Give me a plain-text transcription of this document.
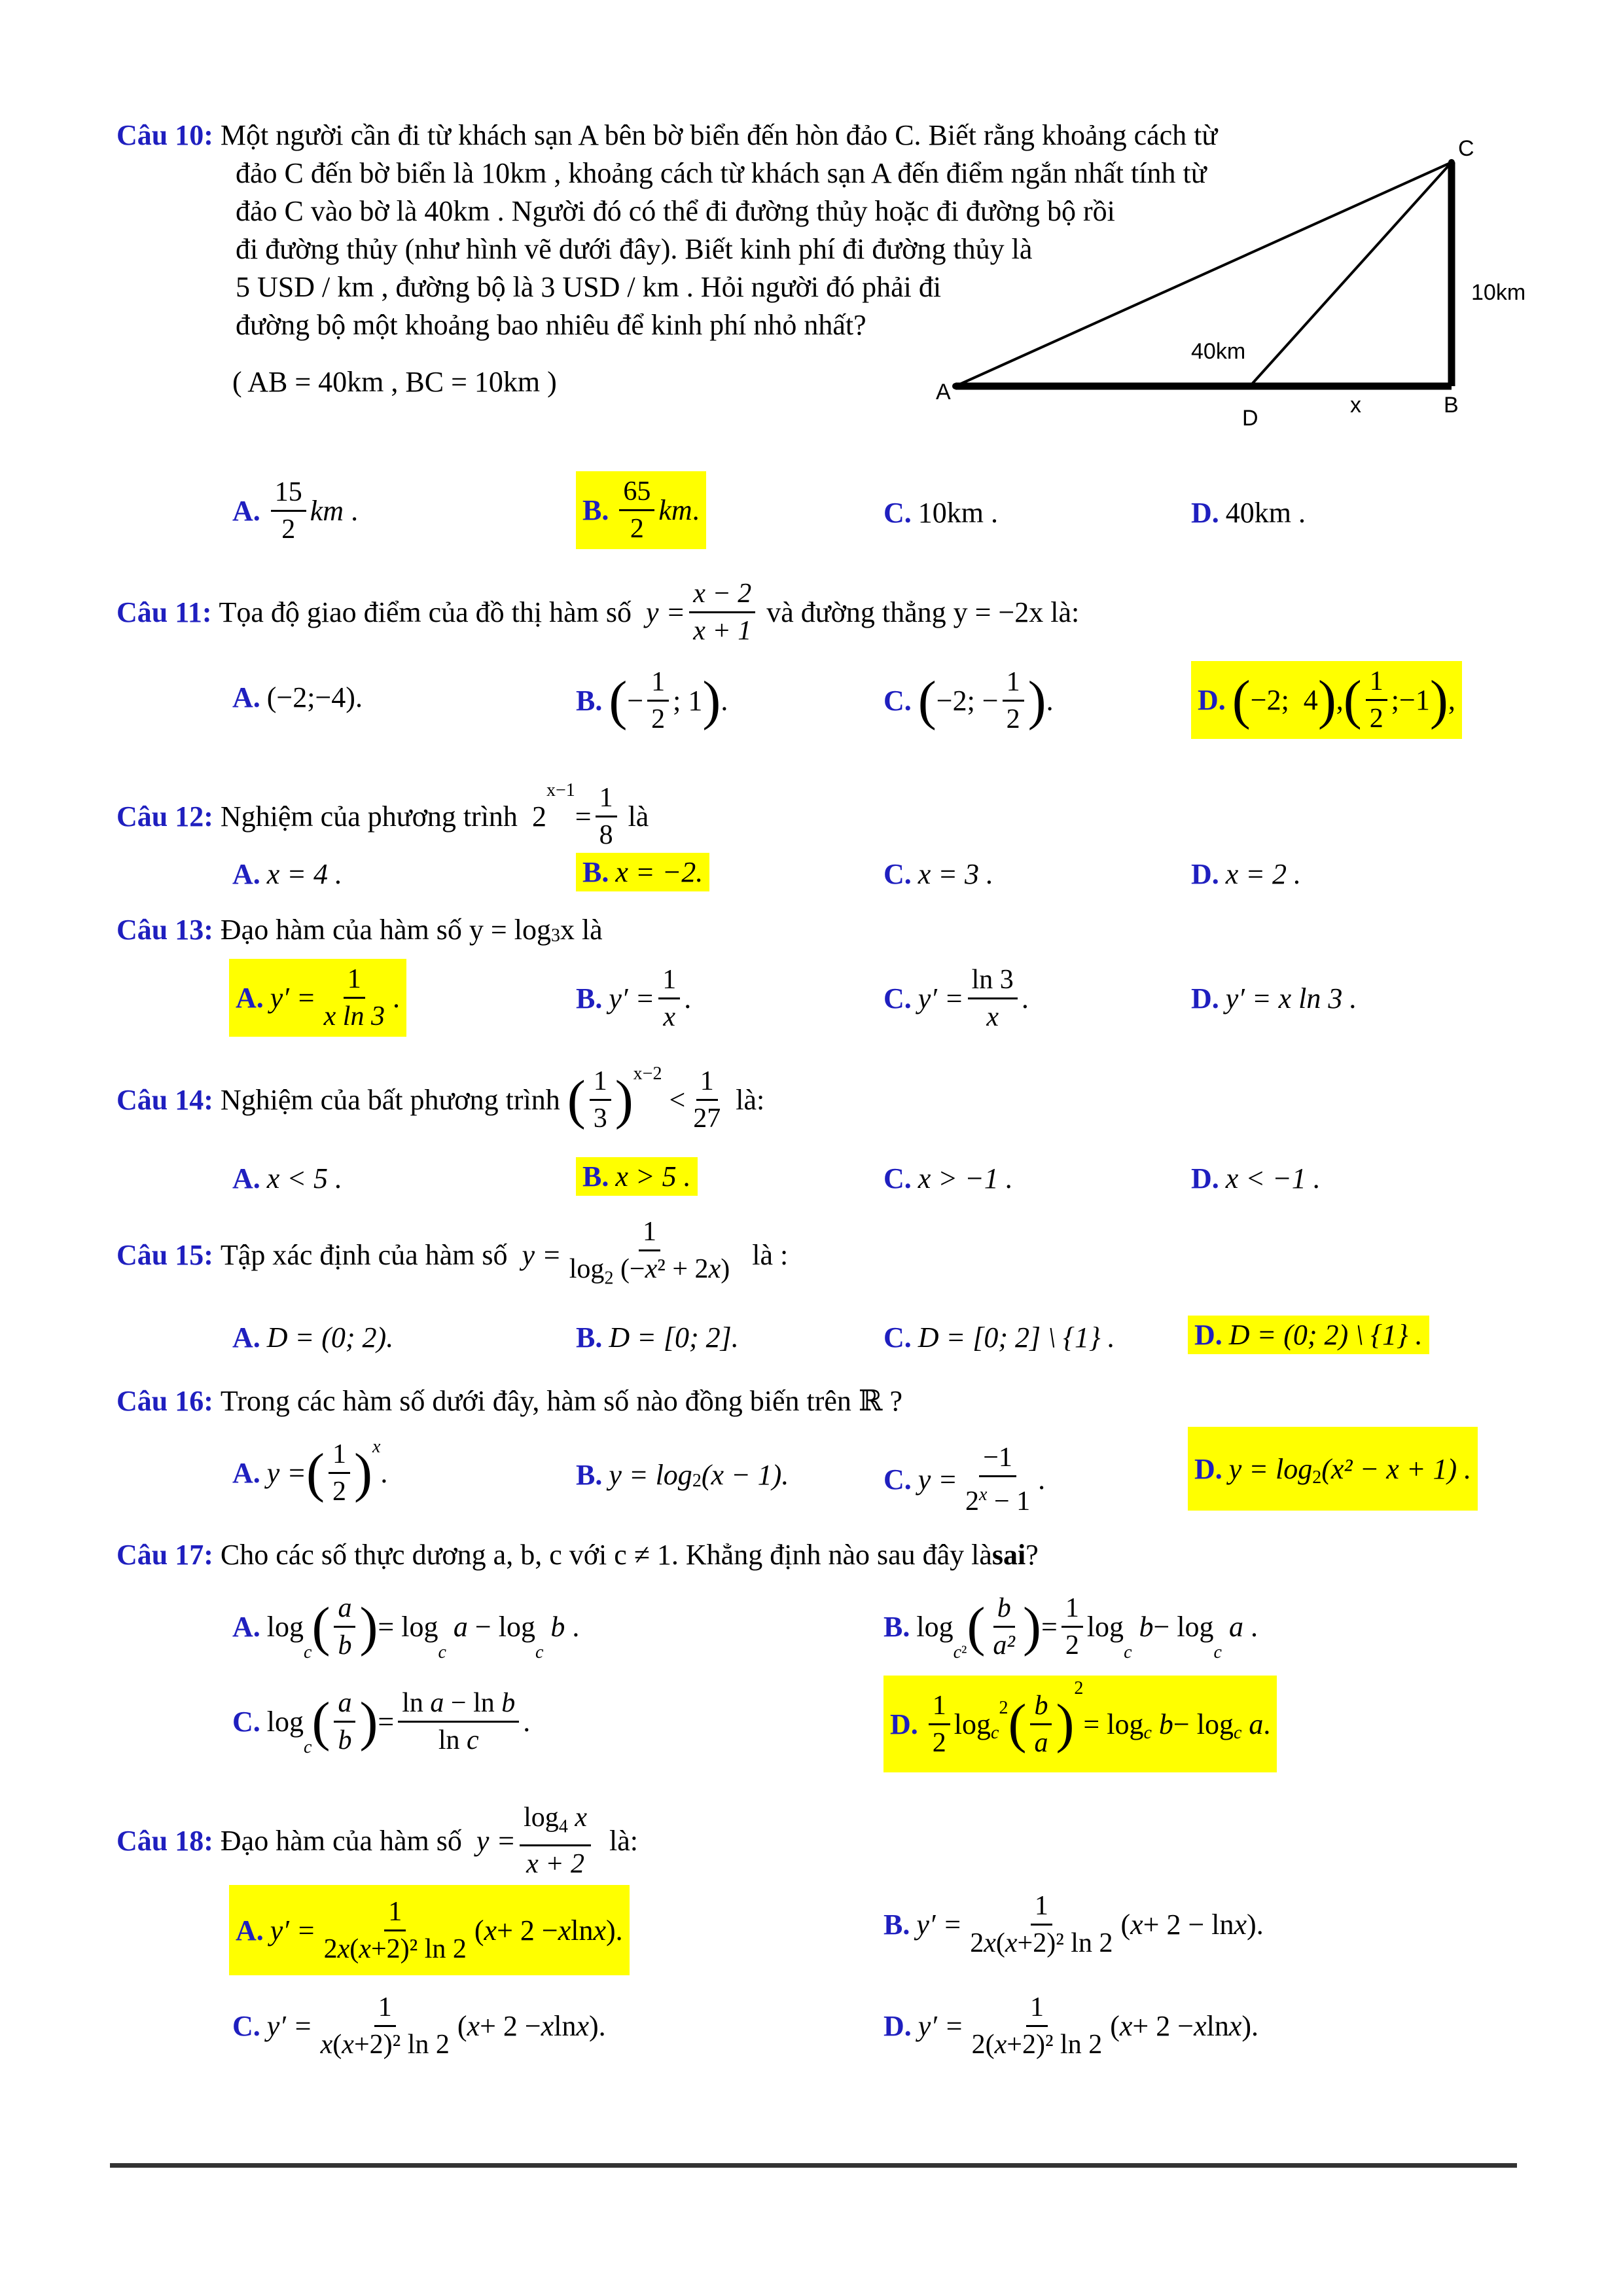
Câu 10: Một người cần đi từ khách sạn A bên bờ biển đến hòn đảo C. Biết rằng khoảng cách từ
đảo C đến bờ biển là 10km , khoảng cách từ khách sạn A đến điểm ngắn nhất tính từ
đảo C vào bờ là 40km . Người đó có thể đi đường thủy hoặc đi đường bộ rồi
đi đường thủy (như hình vẽ dưới đây). Biết kinh phí đi đường thủy là
5 USD / km , đường bộ là 3 USD / km . Hỏi người đó phải đi
đường bộ một khoảng bao nhiêu để kinh phí nhỏ nhất?
( AB = 40km , BC = 10km )	A
D
x	B
C
10km
40km
A. $\frac{15}{2}$ km .	B. $\frac{65}{2}$ km .	C. 10km .	D. 40km .
Câu 11:
Tọa độ giao điểm của đồ thị hàm số
$y = \frac{x - 2}{x + 1}$
và đường thẳng y = −2x là:
A. (−2;−4).	B. ( − $\frac{1}{2}$ ; 1 ) .	C. ( −2; − $\frac{1}{2}$ ) .	D. ( −2;  4 ) , ( $\frac{1}{2}$ ;−1 ) ,
Câu 12:
Nghiệm của phương trình
2
$^{x-1}$
= $\frac{1}{8}$
là
A. x = 4 .	B. x = −2.	C. x = 3 .	D. x = 2 .
Câu 13:
Đạo hàm của hàm số $y = \log_3 x$ là
A. $y' = \frac{1}{\text{x ln 3}}$ .	B. $y' = \frac{1}{x}$ .	C. $y' = \frac{\ln 3}{x}$ .	D. y′ = x ln 3 .
Câu 14:
Nghiệm của bất phương trình
( $\frac{1}{3} )^{x-2}$
< $\frac{1}{27}$
là:
A. x < 5 .	B. x > 5 .	C. x > −1 .	D. x < −1 .
Câu 15:
Tập xác định của hàm số
$y = \frac{1}{\log_2 (-x^2 + 2x)}$
là :
A. D = (0; 2).	B. D = [0; 2].	C. D = [0; 2] \ {1} .	D. D = (0; 2) \ {1} .
Câu 16:
Trong các hàm số dưới đây, hàm số nào đồng biến trên ℝ ?
A. y = ( $\frac{1}{2}$ ) $^x$
.	B. $y = \log_2 (x - 1)$.	C. $y = \frac{-1}{2^x - 1}$ .	D. $y = \log_2 (x^2 - x + 1)$ .
Câu 17:
Cho các số thực dương a, b, c với c ≠ 1. Khẳng định nào sau đây là sai ?
A. log
$_c$ ( $\frac{a}{b}$ ) = log
$_c$

a − log
$_c$

b .	B. log
$_{c^2}$ ( $\frac{b}{\text{a²}}$ ) = $\frac{1}{2}$ log
$_c$

b − log
$_c$

a .
C. log
$_c$ ( $\frac{a}{b}$ ) = $\frac{\text{ln a − ln b}}{\text{ln c}}$ .	D. $\frac{1}{2}$ log $_c$
2 ( $\frac{b}{a}$ )
2
= log c
b − log $_c$
a .
Câu 18:
Đạo hàm của hàm số
$y = \frac{\log_4 x}{x + 2}$
là:
A. $y' = \frac{1}{\text{2x(x+2)² ln 2}}$ ( x + 2 − x ln x ).	B. $y' = \frac{1}{\text{2x(x+2)² ln 2}}$ ( x + 2 − ln x ).
C. $y' = \frac{1}{\text{x(x+2)² ln 2}}$ ( x + 2 − x ln x ).	D. $y' = \frac{1}{\text{2(x+2)² ln 2}}$ ( x + 2 − x ln x ).
